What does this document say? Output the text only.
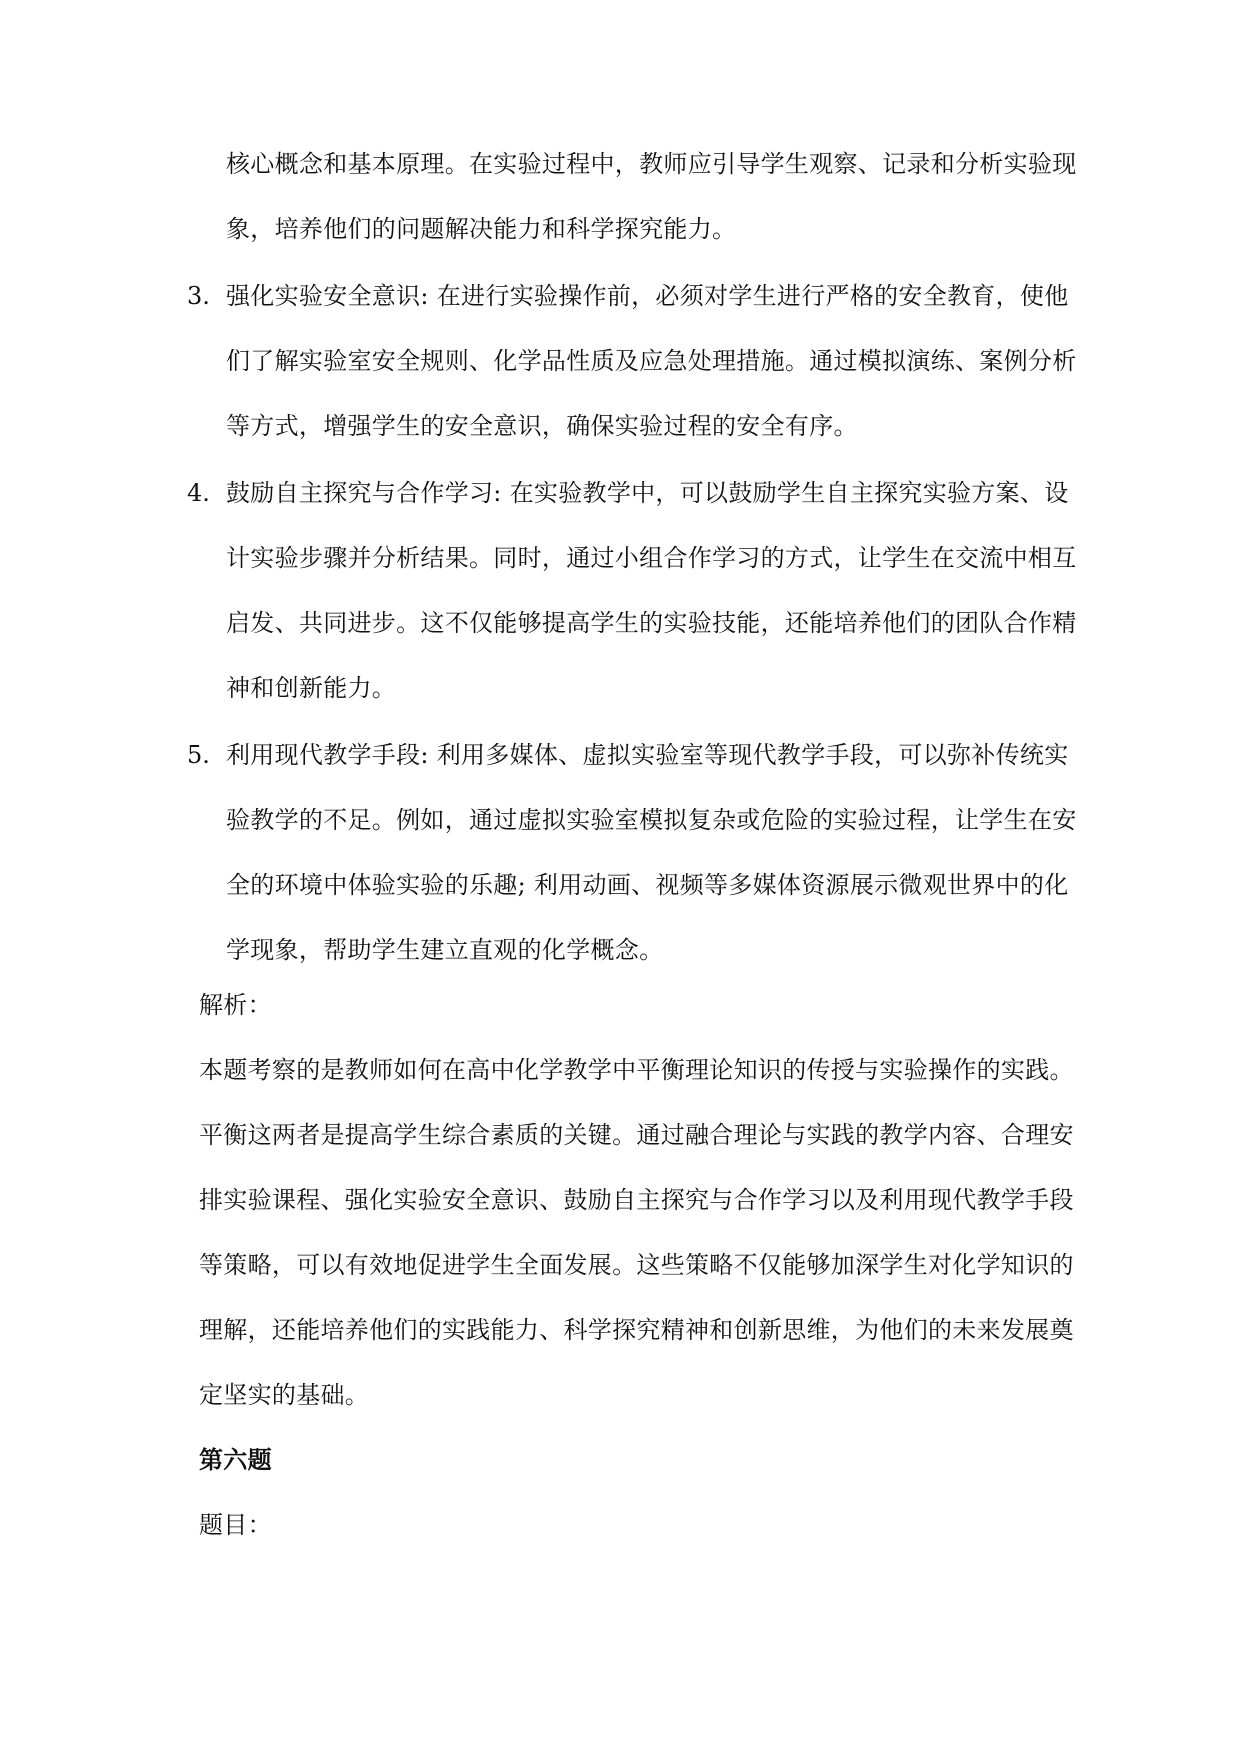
核心概念和基本原理。在实验过程中，教师应引导学生观察、记录和分析实验现
象，培养他们的问题解决能力和科学探究能力。
3. 强化实验安全意识: 在进行实验操作前，必须对学生进行严格的安全教育，使他
们了解实验室安全规则、化学品性质及应急处理措施。通过模拟演练、案例分析
等方式，增强学生的安全意识，确保实验过程的安全有序。
4. 鼓励自主探究与合作学习: 在实验教学中，可以鼓励学生自主探究实验方案、设
计实验步骤并分析结果。同时，通过小组合作学习的方式，让学生在交流中相互
启发、共同进步。这不仅能够提高学生的实验技能，还能培养他们的团队合作精
神和创新能力。
5. 利用现代教学手段: 利用多媒体、虚拟实验室等现代教学手段，可以弥补传统实
验教学的不足。例如，通过虚拟实验室模拟复杂或危险的实验过程，让学生在安
全的环境中体验实验的乐趣; 利用动画、视频等多媒体资源展示微观世界中的化
学现象，帮助学生建立直观的化学概念。
解析：
本题考察的是教师如何在高中化学教学中平衡理论知识的传授与实验操作的实践。
平衡这两者是提高学生综合素质的关键。通过融合理论与实践的教学内容、合理安
排实验课程、强化实验安全意识、鼓励自主探究与合作学习以及利用现代教学手段
等策略，可以有效地促进学生全面发展。这些策略不仅能够加深学生对化学知识的
理解，还能培养他们的实践能力、科学探究精神和创新思维，为他们的未来发展奠
定坚实的基础。
第六题
题目：
